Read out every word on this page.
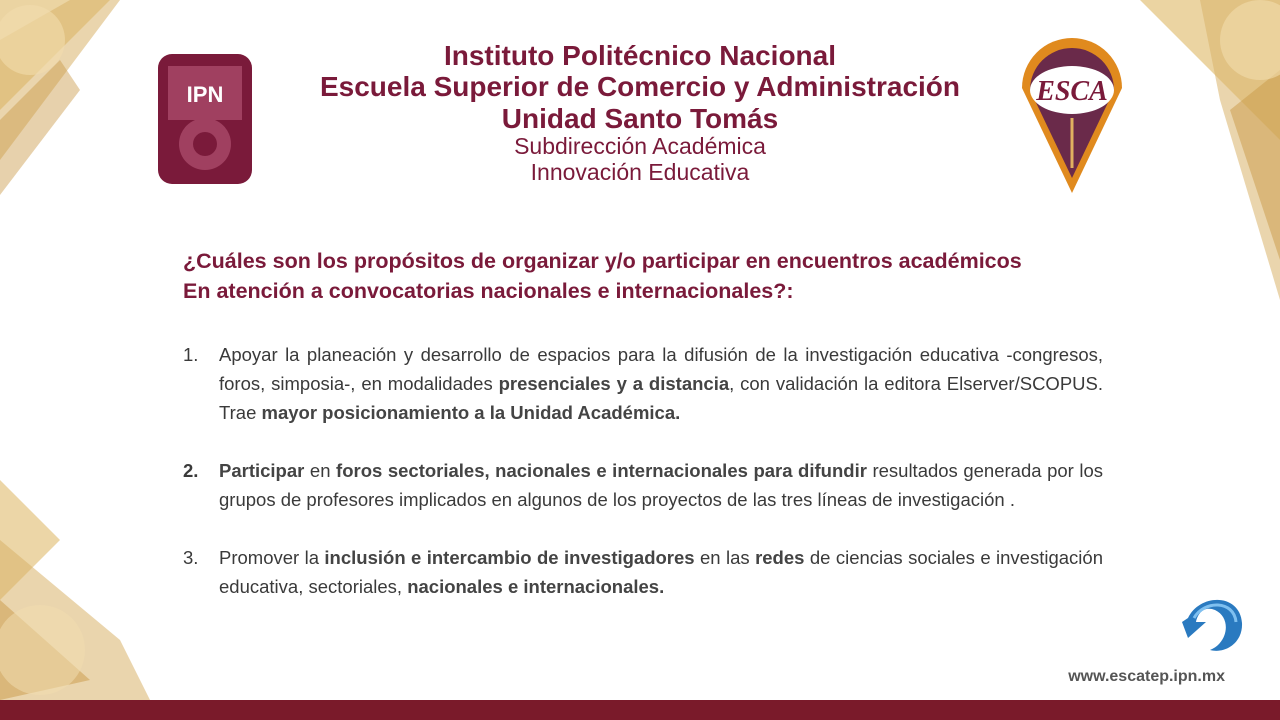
IPN	ESCA
Instituto Politécnico Nacional
Escuela Superior de Comercio y Administración
Unidad Santo Tomás
Subdirección Académica
Innovación Educativa
¿Cuáles son los propósitos de organizar y/o participar en encuentros académicos
En atención a convocatorias nacionales e internacionales?:
1. Apoyar la planeación y desarrollo de espacios para la difusión de la investigación educativa -congresos, foros, simposia-, en modalidades presenciales y a distancia, con validación la editora Elserver/SCOPUS. Trae mayor posicionamiento a la Unidad Académica.
2. Participar en foros sectoriales, nacionales e internacionales para difundir resultados generada por los grupos de profesores implicados en algunos de los proyectos de las tres líneas de investigación .
3. Promover la inclusión e intercambio de investigadores en las redes de ciencias sociales e investigación educativa, sectoriales, nacionales e internacionales.
www.escatep.ipn.mx
